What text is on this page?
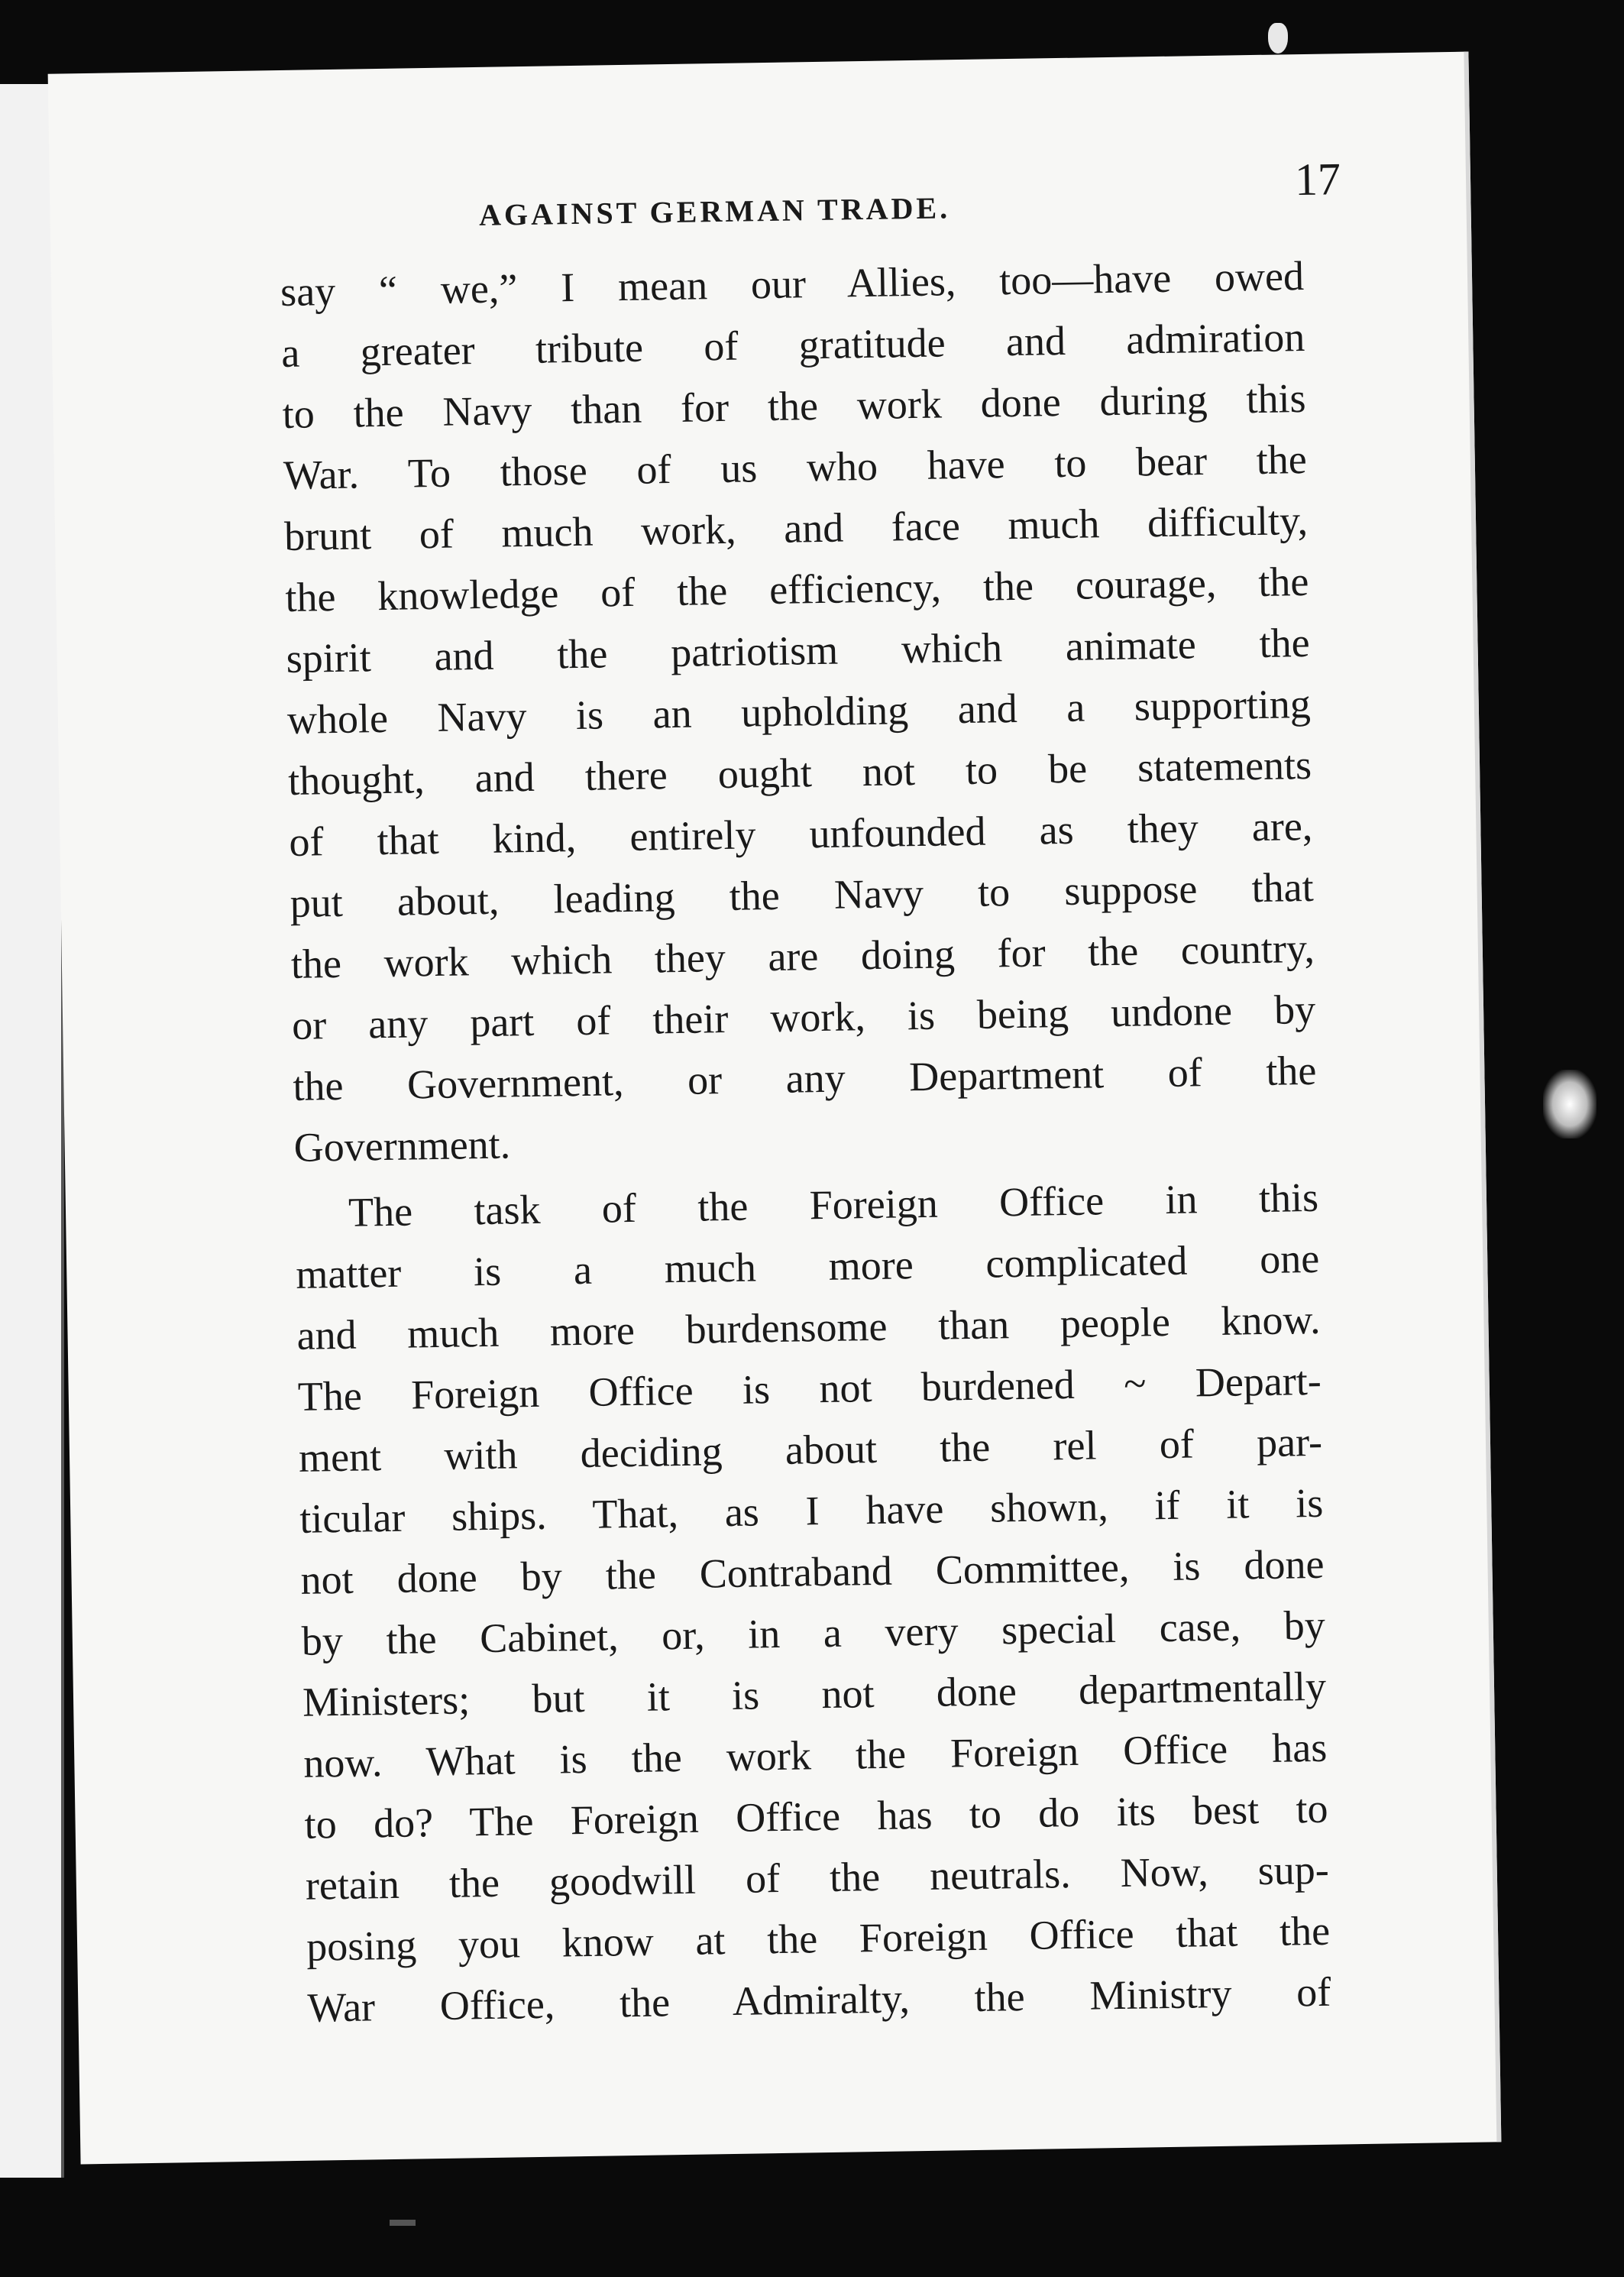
AGAINST GERMAN TRADE.
17
say “ we,” I mean our Allies, too—have owed
a greater tribute of gratitude and admiration
to the Navy than for the work done during this
War. To those of us who have to bear the
brunt of much work, and face much difficulty,
the knowledge of the efficiency, the courage, the
spirit and the patriotism which animate the
whole Navy is an upholding and a supporting
thought, and there ought not to be statements
of that kind, entirely unfounded as they are,
put about, leading the Navy to suppose that
the work which they are doing for the country,
or any part of their work, is being undone by
the Government, or any Department of the
Government.
The task of the Foreign Office in this
matter is a much more complicated one
and much more burdensome than people know.
The Foreign Office is not burdened ~ Depart-
ment with deciding about the rel of par-
ticular ships. That, as I have shown, if it is
not done by the Contraband Committee, is done
by the Cabinet, or, in a very special case, by
Ministers; but it is not done departmentally
now. What is the work the Foreign Office has
to do? The Foreign Office has to do its best to
retain the goodwill of the neutrals. Now, sup-
posing you know at the Foreign Office that the
War Office, the Admiralty, the Ministry of
